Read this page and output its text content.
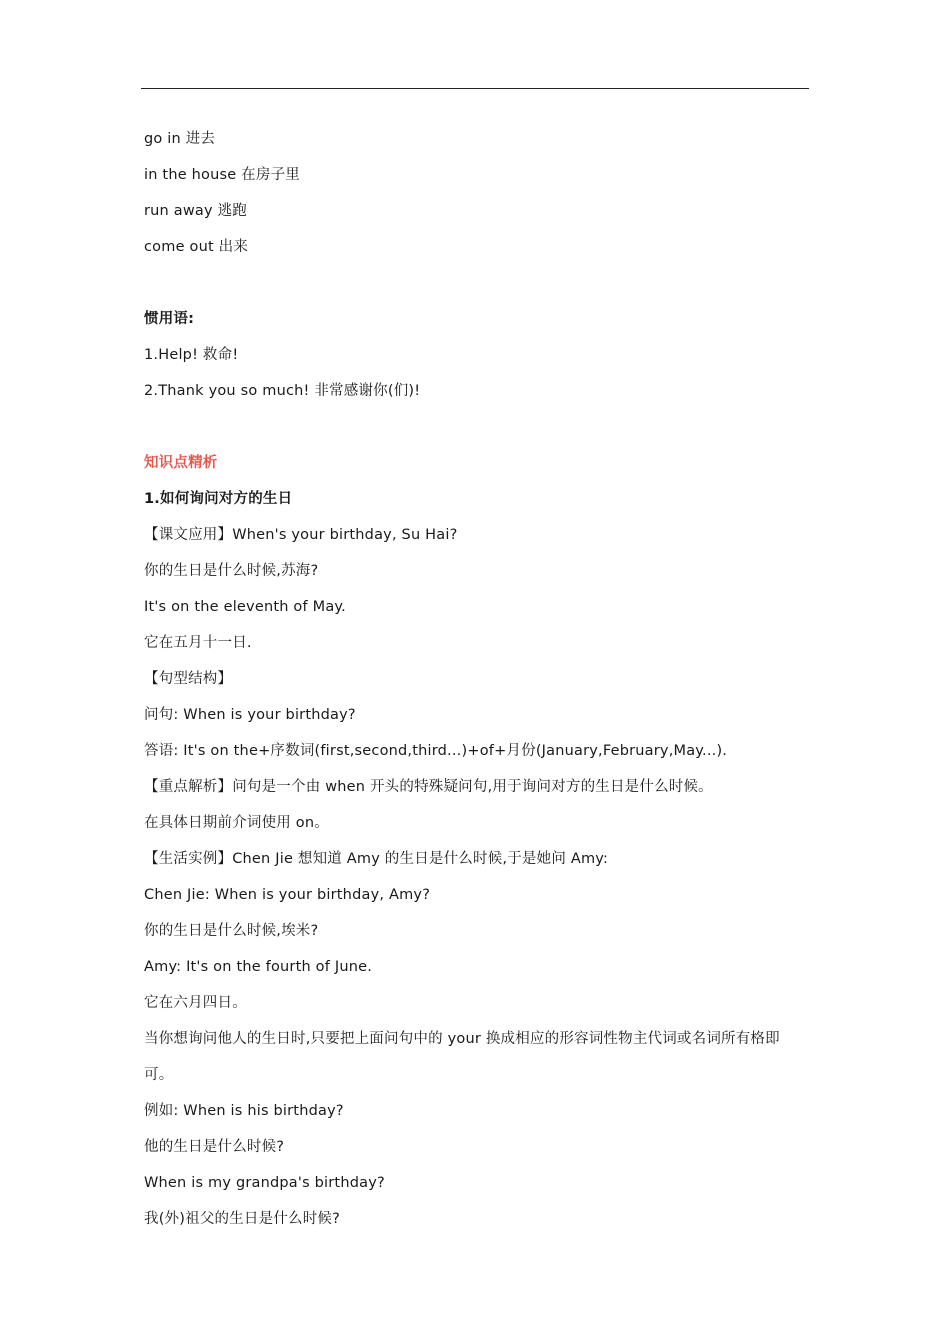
go in 进去
in the house 在房子里
run away 逃跑
come out 出来
惯用语:
1.Help! 救命!
2.Thank you so much! 非常感谢你(们)!
知识点精析
1.如何询问对方的生日
【课文应用】When's your birthday, Su Hai?
你的生日是什么时候,苏海?
It's on the eleventh of May.
它在五月十一日.
【句型结构】
问句: When is your birthday?
答语: It's on the+序数词(first,second,third...)+of+月份(January,February,May...).
【重点解析】问句是一个由 when 开头的特殊疑问句,用于询问对方的生日是什么时候。
在具体日期前介词使用 on。
【生活实例】Chen Jie 想知道 Amy 的生日是什么时候,于是她问 Amy:
Chen Jie: When is your birthday, Amy?
你的生日是什么时候,埃米?
Amy: It's on the fourth of June.
它在六月四日。
当你想询问他人的生日时,只要把上面问句中的 your 换成相应的形容词性物主代词或名词所有格即可。
例如: When is his birthday?
他的生日是什么时候?
When is my grandpa's birthday?
我(外)祖父的生日是什么时候?
